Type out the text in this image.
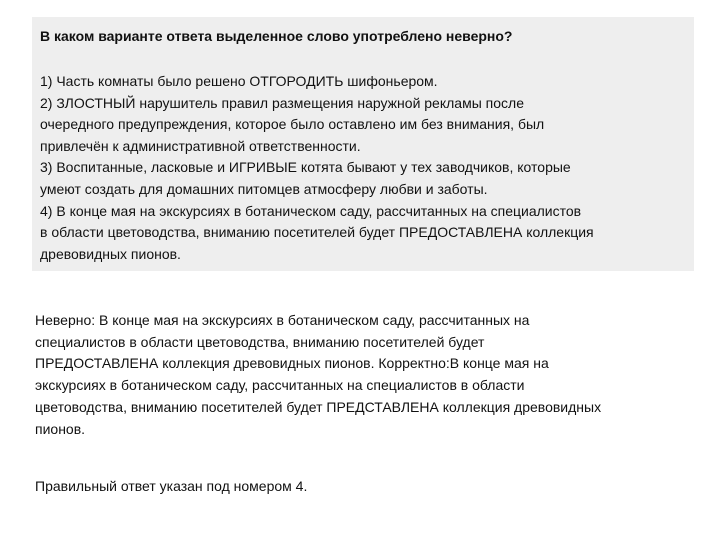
В каком варианте ответа выделенное слово употреблено неверно?
1) Часть комнаты было решено ОТГОРОДИТЬ шифоньером.
2) ЗЛОСТНЫЙ нарушитель правил размещения наружной рекламы после
очередного предупреждения, которое было оставлено им без внимания, был
привлечён к административной ответственности.
3) Воспитанные, ласковые и ИГРИВЫЕ котята бывают у тех заводчиков, которые
умеют создать для домашних питомцев атмосферу любви и заботы.
4) В конце мая на экскурсиях в ботаническом саду, рассчитанных на специалистов
в области цветоводства, вниманию посетителей будет ПРЕДОСТАВЛЕНА коллекция
древовидных пионов.
Неверно: В конце мая на экскурсиях в ботаническом саду, рассчитанных на
специалистов в области цветоводства, вниманию посетителей будет
ПРЕДОСТАВЛЕНА коллекция древовидных пионов. Корректно:В конце мая на
экскурсиях в ботаническом саду, рассчитанных на специалистов в области
цветоводства, вниманию посетителей будет ПРЕДСТАВЛЕНА коллекция древовидных
пионов.

Правильный ответ указан под номером 4.
